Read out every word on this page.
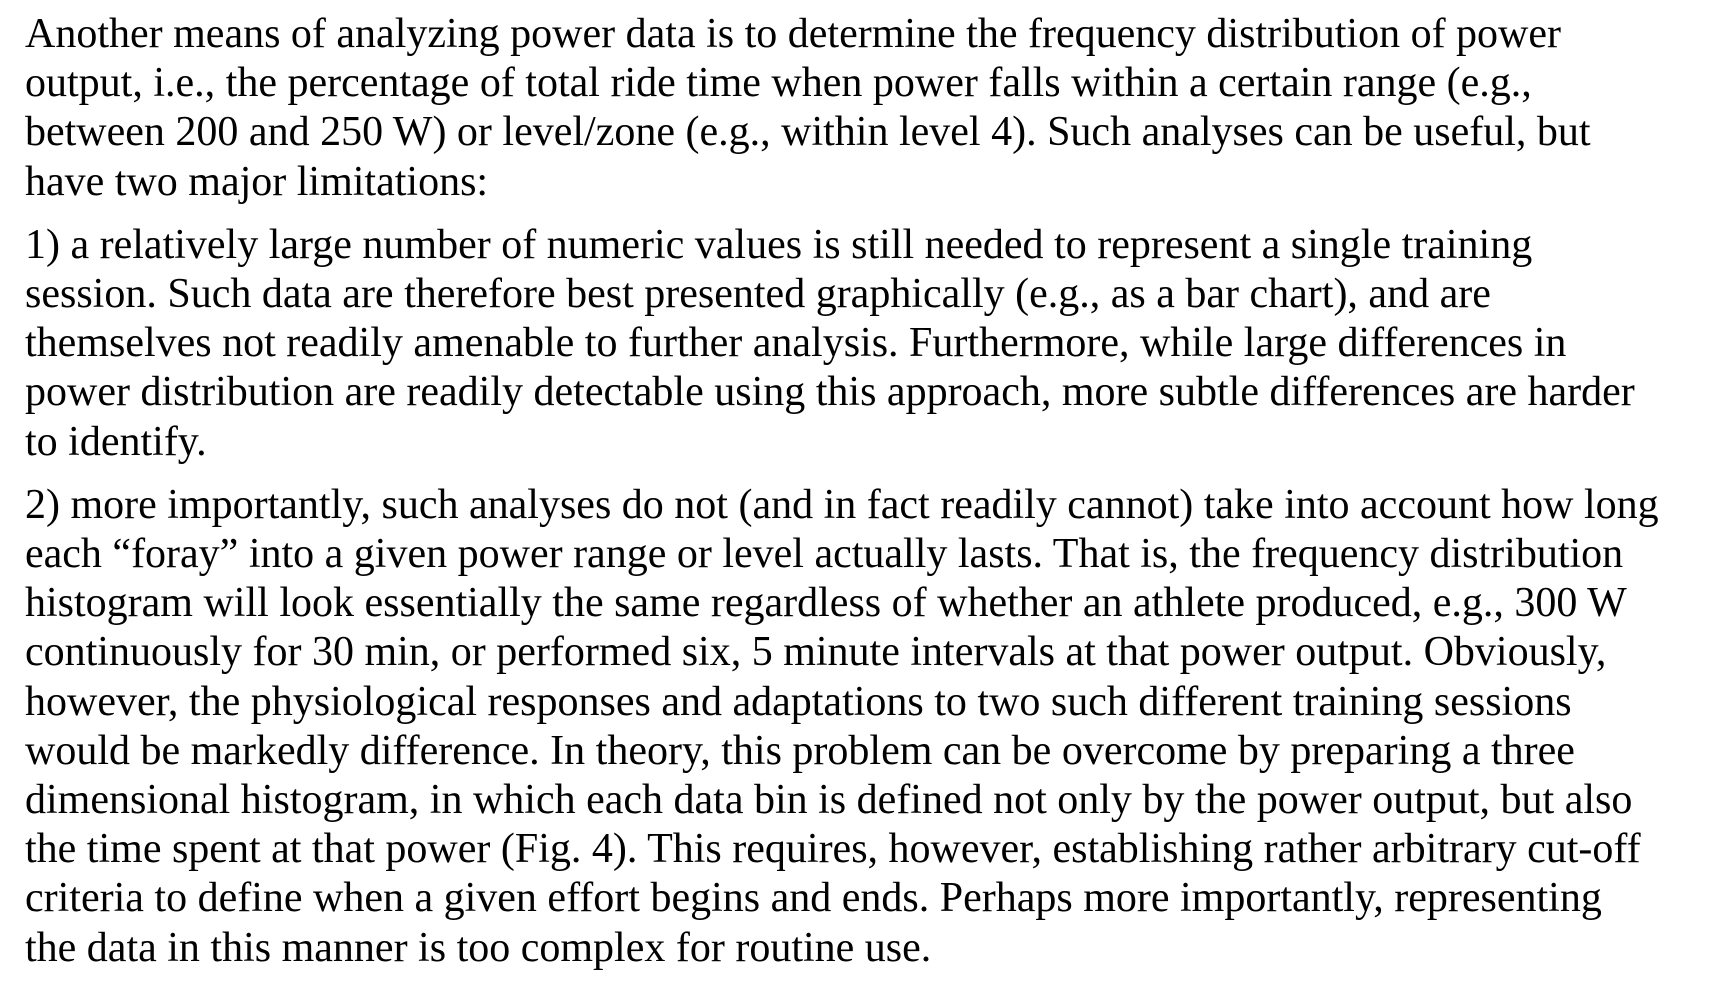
Another means of analyzing power data is to determine the frequency distribution of power
output, i.e., the percentage of total ride time when power falls within a certain range (e.g.,
between 200 and 250 W) or level/zone (e.g., within level 4). Such analyses can be useful, but
have two major limitations:

1) a relatively large number of numeric values is still needed to represent a single training
session. Such data are therefore best presented graphically (e.g., as a bar chart), and are
themselves not readily amenable to further analysis. Furthermore, while large differences in
power distribution are readily detectable using this approach, more subtle differences are harder
to identify.

2) more importantly, such analyses do not (and in fact readily cannot) take into account how long
each “foray” into a given power range or level actually lasts. That is, the frequency distribution
histogram will look essentially the same regardless of whether an athlete produced, e.g., 300 W
continuously for 30 min, or performed six, 5 minute intervals at that power output. Obviously,
however, the physiological responses and adaptations to two such different training sessions
would be markedly difference. In theory, this problem can be overcome by preparing a three
dimensional histogram, in which each data bin is defined not only by the power output, but also
the time spent at that power (Fig. 4). This requires, however, establishing rather arbitrary cut-off
criteria to define when a given effort begins and ends. Perhaps more importantly, representing
the data in this manner is too complex for routine use.
